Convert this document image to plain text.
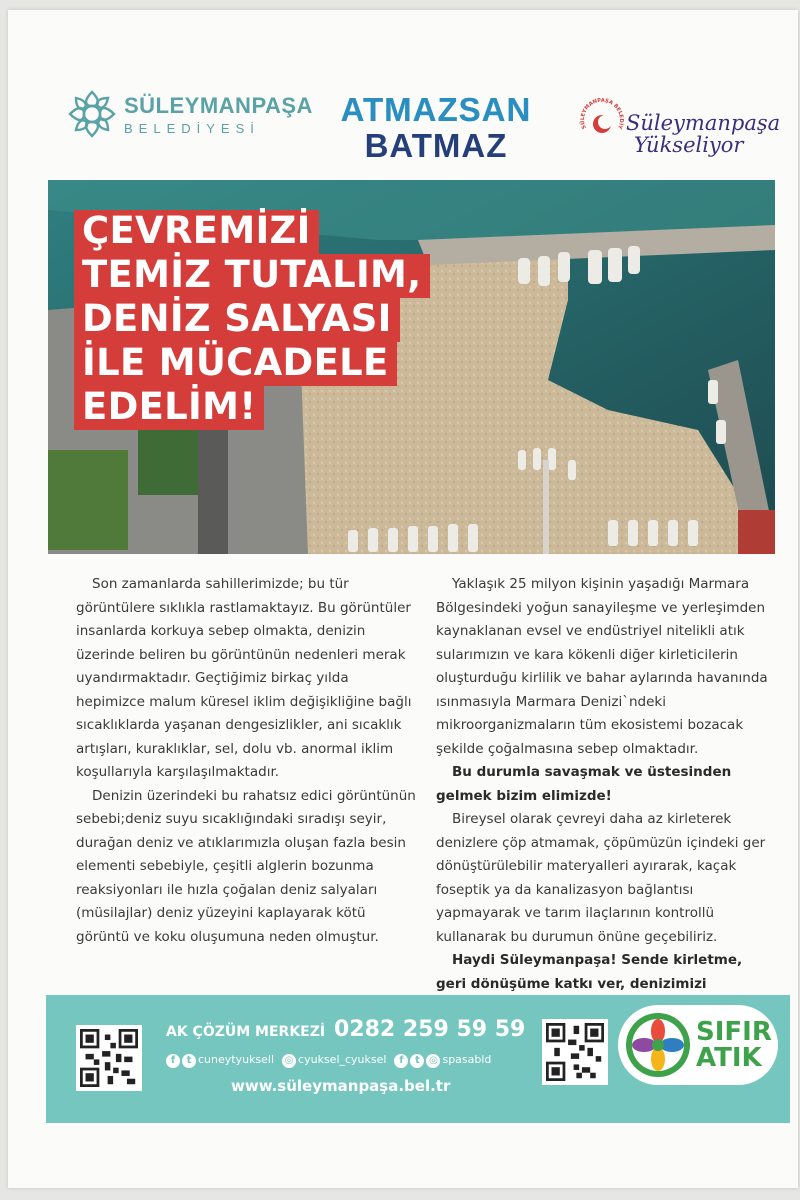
SÜLEYMANPAŞA
BELEDİYESİ	ATMAZSAN
BATMAZ
SÜLEYMANPAŞA BELEDİY Süleymanpaşa
Yükseliyor
ÇEVREMİZİ
TEMİZ TUTALIM,
DENİZ SALYASI
İLE MÜCADELE
EDELİM!

Son zamanlarda sahillerimizde; bu tür görüntülere sıklıkla rastlamaktayız. Bu görüntüler insanlarda korkuya sebep olmakta, denizin üzerinde beliren bu görüntünün nedenleri merak uyandırmaktadır. Geçtiğimiz birkaç yılda hepimizce malum küresel iklim değişikliğine bağlı sıcaklıklarda yaşanan dengesizlikler, ani sıcaklık artışları, kuraklıklar, sel, dolu vb. anormal iklim koşullarıyla karşılaşılmaktadır.

Denizin üzerindeki bu rahatsız edici görüntünün sebebi;deniz suyu sıcaklığındaki sıradışı seyir, durağan deniz ve atıklarımızla oluşan fazla besin elementi sebebiyle, çeşitli alglerin bozunma reaksiyonları ile hızla çoğalan deniz salyaları (müsilajlar) deniz yüzeyini kaplayarak kötü görüntü ve koku oluşumuna neden olmuştur.

Yaklaşık 25 milyon kişinin yaşadığı Marmara Bölgesindeki yoğun sanayileşme ve yerleşimden kaynaklanan evsel ve endüstriyel nitelikli atık sularımızın ve kara kökenli diğer kirleticilerin oluşturduğu kirlilik ve bahar aylarında havanında ısınmasıyla Marmara Denizi`ndeki mikroorganizmaların tüm ekosistemi bozacak şekilde çoğalmasına sebep olmaktadır.

Bu durumla savaşmak ve üstesinden gelmek bizim elimizde!

Bireysel olarak çevreyi daha az kirleterek denizlere çöp atmamak, çöpümüzün içindeki ger dönüştürülebilir materyalleri ayırarak, kaçak foseptik ya da kanalizasyon bağlantısı yapmayarak ve tarım ilaçlarının kontrollü kullanarak bu durumun önüne geçebiliriz.

Haydi Süleymanpaşa! Sende kirletme, geri dönüşüme katkı ver, denizimizi

AK ÇÖZÜM MERKEZİ 0282 259 59 59
f t cuneytyuksell ◎ cyuksel_cyuksel	f t ◎ spasabld
www.süleymanpaşa.bel.tr
SIFIR
ATIK
